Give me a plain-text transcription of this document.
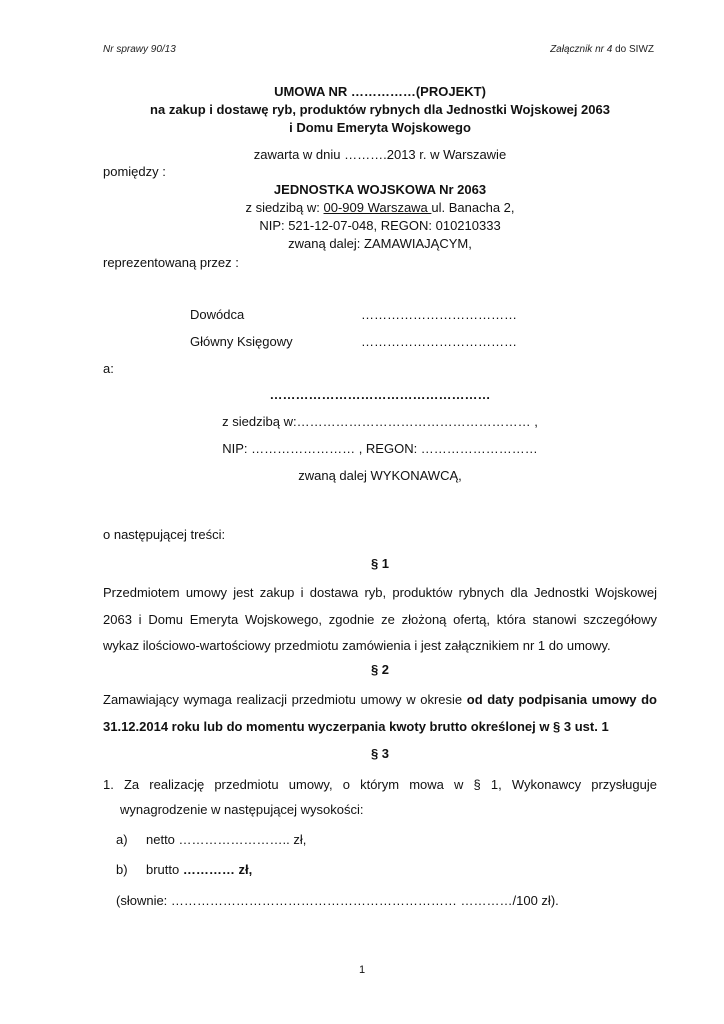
Nr sprawy 90/13	Załącznik nr 4 do SIWZ
UMOWA NR ……………(PROJEKT)
na zakup i dostawę ryb, produktów rybnych dla Jednostki Wojskowej 2063
i Domu Emeryta Wojskowego
zawarta w dniu ……….2013 r. w Warszawie
pomiędzy :
JEDNOSTKA WOJSKOWA Nr 2063
z siedzibą w: 00-909 Warszawa ul. Banacha 2,
NIP: 521-12-07-048, REGON: 010210333
zwaną dalej: ZAMAWIAJĄCYM,
reprezentowaną przez :
Dowódca	………………………………
Główny Księgowy	………………………………
a:
……………………………………………
z siedzibą w:……………………………………………… ,
NIP: …………………… , REGON: ………………………
zwaną dalej WYKONAWCĄ,
o następującej treści:
§ 1
Przedmiotem umowy jest zakup i dostawa ryb, produktów rybnych dla Jednostki Wojskowej 2063 i Domu Emeryta Wojskowego, zgodnie ze złożoną ofertą, która stanowi szczegółowy wykaz ilościowo-wartościowy przedmiotu zamówienia i jest załącznikiem nr 1 do umowy.
§ 2
Zamawiający wymaga realizacji przedmiotu umowy w okresie od daty podpisania umowy do 31.12.2014 roku lub do momentu wyczerpania kwoty brutto określonej w § 3 ust. 1
§ 3
1. Za realizację przedmiotu umowy, o którym mowa w § 1, Wykonawcy przysługuje
wynagrodzenie w następującej wysokości:
a) netto …………………….. zł,
b) brutto ………… zł,
(słownie: ………………………………………………………… …………/100 zł).
1
